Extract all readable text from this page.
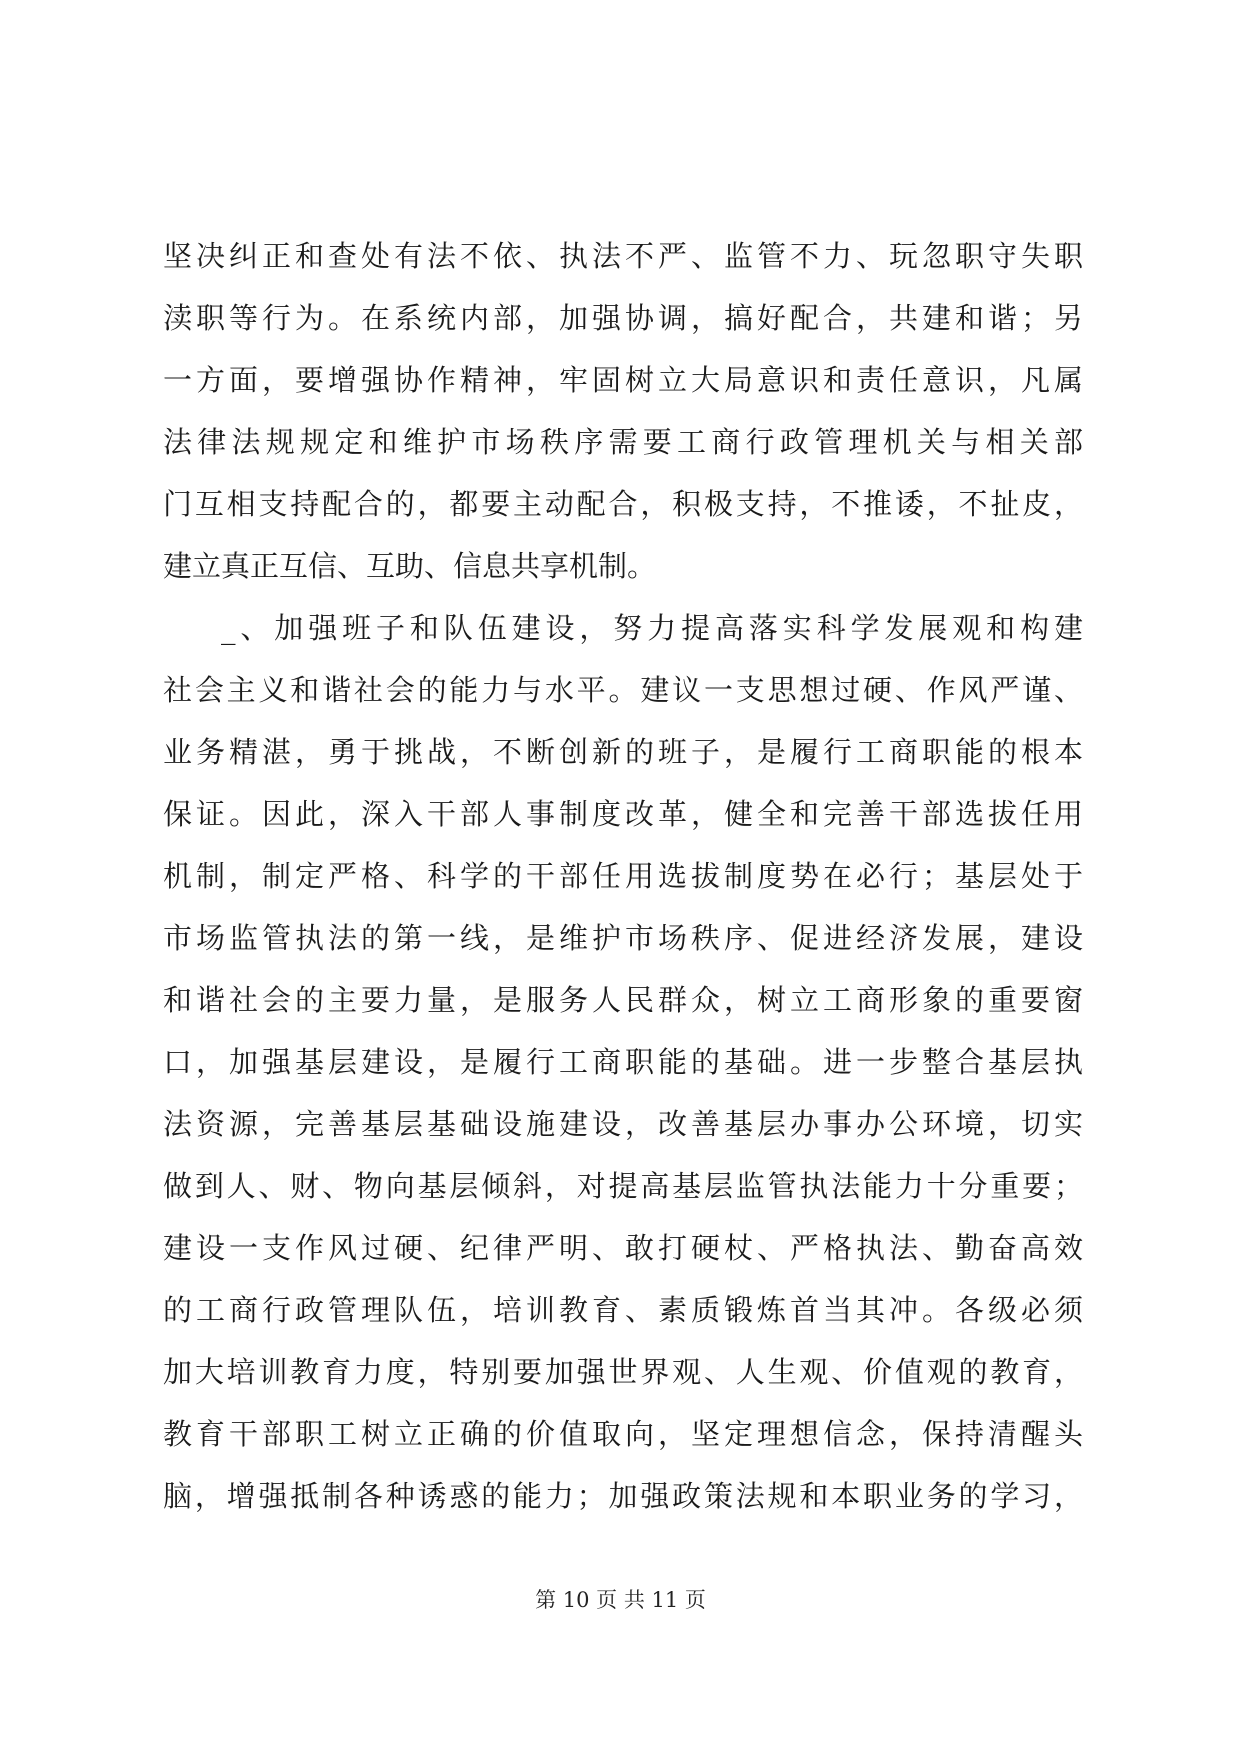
坚决纠正和查处有法不依、执法不严、监管不力、玩忽职守失职
渎职等行为。在系统内部，加强协调，搞好配合，共建和谐；另
一方面，要增强协作精神，牢固树立大局意识和责任意识，凡属
法律法规规定和维护市场秩序需要工商行政管理机关与相关部
门互相支持配合的，都要主动配合，积极支持，不推诿，不扯皮，
建立真正互信、互助、信息共享机制。
_、加强班子和队伍建设，努力提高落实科学发展观和构建
社会主义和谐社会的能力与水平。建议一支思想过硬、作风严谨、
业务精湛，勇于挑战，不断创新的班子，是履行工商职能的根本
保证。因此，深入干部人事制度改革，健全和完善干部选拔任用
机制，制定严格、科学的干部任用选拔制度势在必行；基层处于
市场监管执法的第一线，是维护市场秩序、促进经济发展，建设
和谐社会的主要力量，是服务人民群众，树立工商形象的重要窗
口，加强基层建设，是履行工商职能的基础。进一步整合基层执
法资源，完善基层基础设施建设，改善基层办事办公环境，切实
做到人、财、物向基层倾斜，对提高基层监管执法能力十分重要；
建设一支作风过硬、纪律严明、敢打硬杖、严格执法、勤奋高效
的工商行政管理队伍，培训教育、素质锻炼首当其冲。各级必须
加大培训教育力度，特别要加强世界观、人生观、价值观的教育，
教育干部职工树立正确的价值取向，坚定理想信念，保持清醒头
脑，增强抵制各种诱惑的能力；加强政策法规和本职业务的学习，
第 10 页 共 11 页
